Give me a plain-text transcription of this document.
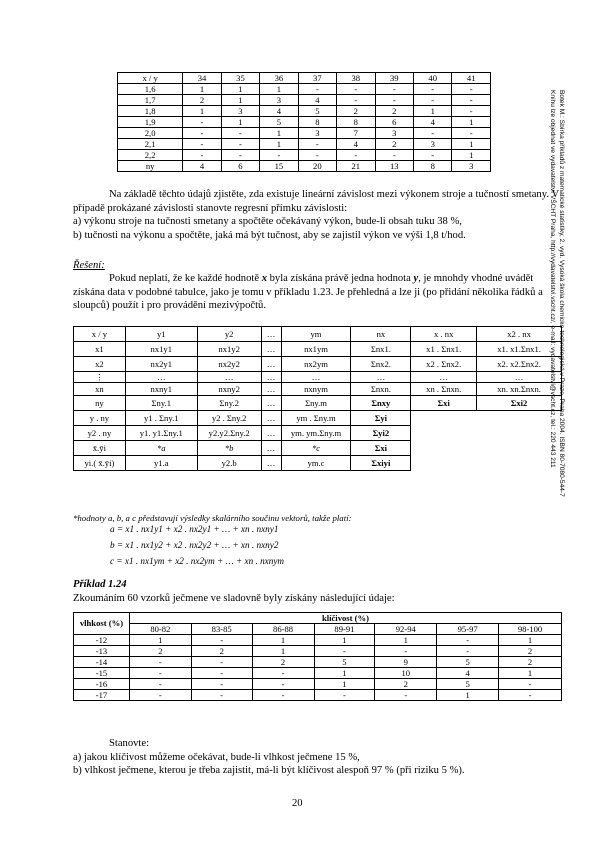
Botek M.: Sbírka příkladů z matematické statistiky, 2. vyd. Vysoká škola chemicko-technologická v Praze, Praha 2004. ISBN 80-7080-544-7
Knihu lze objednat ve vydavatelství VŠCHT Praha, http://vydavatelstvi.vscht.cz/, e-mail: vydavatelstvi@vscht.cz, tel.: 220 443 211
x / y	34	35	36	37	38	39	40	41
1,6	1	1	1	-	-	-	-	-
1,7	2	1	3	4	-	-	-	-
1,8	1	3	4	5	2	2	1	-
1,9	-	1	5	8	8	6	4	1
2,0	-	-	1	3	7	3	-	-
2,1	-	-	1	-	4	2	3	1
2,2	-	-	-	-	-	-	-	1
ny	4	6	15	20	21	13	8	3
Na základě těchto údajů zjistěte, zda existuje lineární závislost mezi výkonem stroje a tučností smetany. V případě prokázané závislosti stanovte regresní přímku závislosti:
a) výkonu stroje na tučnosti smetany a spočtěte očekávaný výkon, bude-li obsah tuku 38 %,
b) tučnosti na výkonu a spočtěte, jaká má být tučnost, aby se zajistil výkon ve výši 1,8 t/hod.
Řešení:
Pokud neplatí, že ke každé hodnotě x byla získána právě jedna hodnota y, je mnohdy vhodné uvádět získána data v podobné tabulce, jako je tomu v příkladu 1.23. Je přehledná a lze ji (po přidání několika řádků a sloupců) použít i pro provádění mezivýpočtů.
x / y	y1	y2	…	ym	nx	x . nx	x2 . nx
x1	nx1y1	nx1y2	…	nx1ym	Σnx1.	x1 . Σnx1.	x1. x1.Σnx1.
x2	nx2y1	nx2y2	…	nx2ym	Σnx2.	x2 . Σnx2.	x2. x2.Σnx2.
⋮	…	…	…	…	…	…	…
xn	nxny1	nxny2	…	nxnym	Σnxn.	xn . Σnxn.	xn. xn.Σnxn.
ny	Σny.1	Σny.2	…	Σny.m	Σnxy	Σxi	Σxi2
y . ny	y1 . Σny.1	y2 . Σny.2	…	ym . Σny.m	Σyi		
y2 . ny	y1. y1.Σny.1	y2.y2.Σny.2	…	ym. ym.Σny.m	Σyi2		
x̄.ȳi	*a	*b	…	*c	Σxi		
yi.( x̄.ȳi)	y1.a	y2.b	…	ym.c	Σxiyi		
*hodnoty a, b, a c představují výsledky skalárního součinu vektorů, takže platí:
a = x1 . nx1y1 + x2 . nx2y1 + … + xn . nxny1
b = x1 . nx1y2 + x2 . nx2y2 + … + xn . nxny2
c = x1 . nx1ym + x2 . nx2ym + … + xn . nxnym
Příklad 1.24
Zkoumáním 60 vzorků ječmene ve sladovně byly získány následující údaje:
vlhkost (%)	klíčivost (%)						
	80-82	83-85	86-88	89-91	92-94	95-97	98-100
-12	1	-	1	1	1	-	1
-13	2	2	1	-	-	-	2
-14	-	-	2	5	9	5	2
-15	-	-	-	1	10	4	1
-16	-	-	-	1	2	5	-
-17	-	-	-	-	-	1	-
Stanovte:
a) jakou klíčivost můžeme očekávat, bude-li vlhkost ječmene 15 %,
b) vlhkost ječmene, kterou je třeba zajistit, má-li být klíčivost alespoň 97 % (při riziku 5 %).
20
